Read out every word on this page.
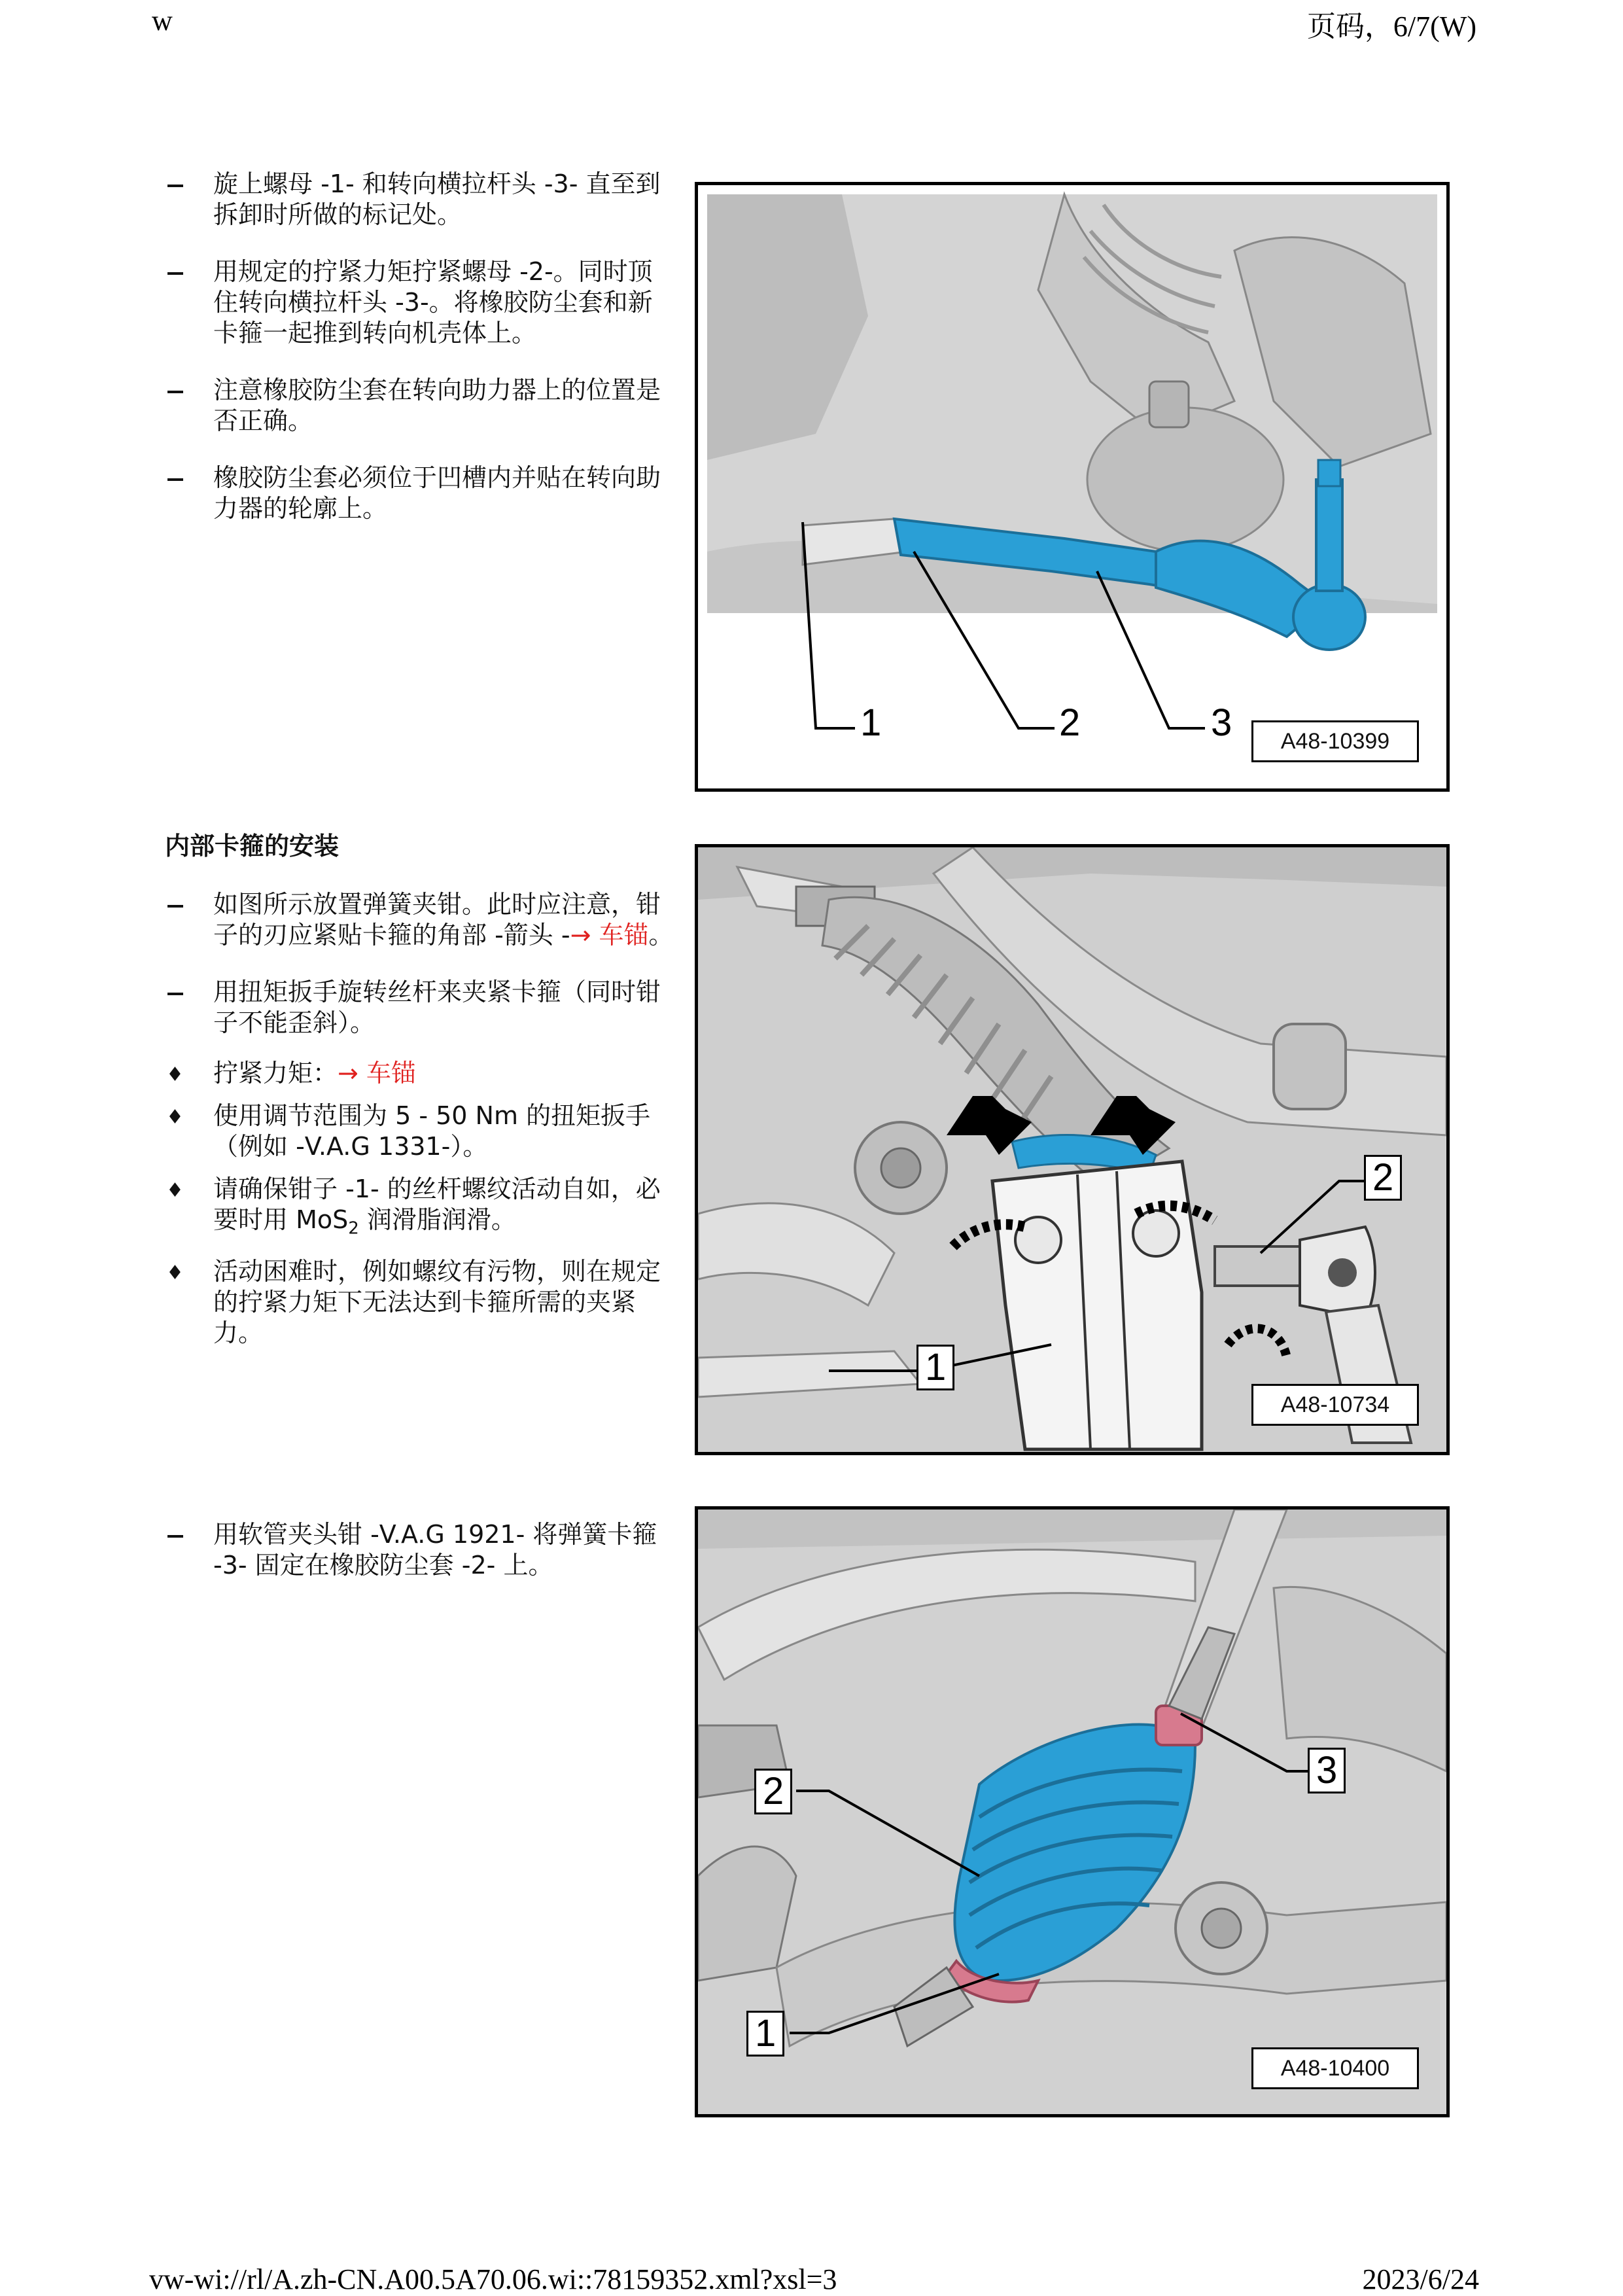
w	页码，6/7(W)
vw-wi://rl/A.zh-CN.A00.5A70.06.wi::78159352.xml?xsl=3	2023/6/24
旋上螺母 -1- 和转向横拉杆头 -3- 直至到拆卸时所做的标记处。
用规定的拧紧力矩拧紧螺母 -2-。同时顶住转向横拉杆头 -3-。将橡胶防尘套和新卡箍一起推到转向机壳体上。
注意橡胶防尘套在转向助力器上的位置是否正确。
橡胶防尘套必须位于凹槽内并贴在转向助力器的轮廓上。
1	2	3	A48-10399
内部卡箍的安装
如图所示放置弹簧夹钳。此时应注意，钳子的刃应紧贴卡箍的角部 -箭头 -→ 车锚。
用扭矩扳手旋转丝杆来夹紧卡箍（同时钳子不能歪斜）。
♦	拧紧力矩：→ 车锚
♦	使用调节范围为 5 - 50 Nm 的扭矩扳手（例如 -V.A.G 1331-）。
♦	请确保钳子 -1- 的丝杆螺纹活动自如，必要时用 MoS$_2$ 润滑脂润滑。
♦	活动困难时，例如螺纹有污物，则在规定的拧紧力矩下无法达到卡箍所需的夹紧力。
2
1
A48-10734
用软管夹头钳 -V.A.G 1921- 将弹簧卡箍 -3- 固定在橡胶防尘套 -2- 上。
2	3
1
A48-10400
